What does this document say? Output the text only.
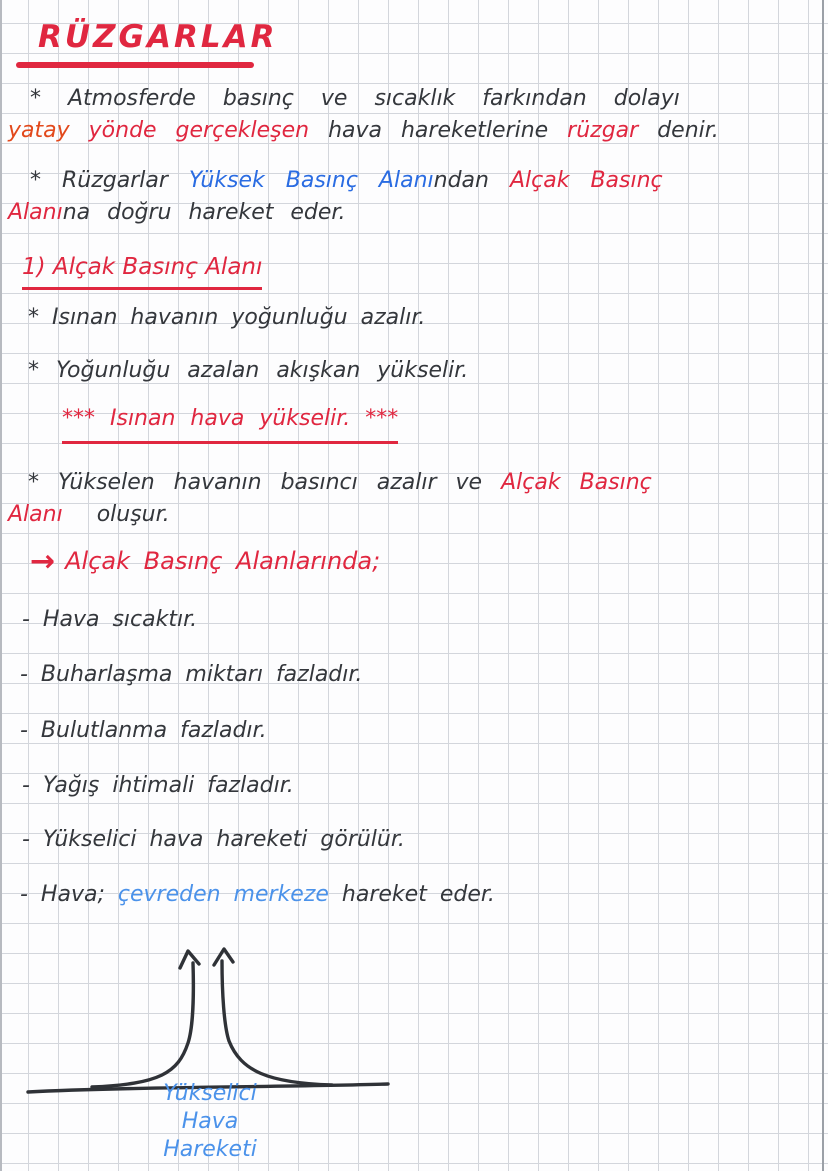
RÜZGARLAR
* Atmosferde basınç ve sıcaklık farkından dolayı
yatay yönde gerçekleşen hava hareketlerine rüzgar denir.
* Rüzgarlar Yüksek Basınç Alanından Alçak Basınç
Alanına doğru hareket eder.
1) Alçak Basınç Alanı
* Isınan havanın yoğunluğu azalır.
* Yoğunluğu azalan akışkan yükselir.
*** Isınan hava yükselir. ***
* Yükselen havanın basıncı azalır ve Alçak Basınç
Alanı oluşur.
→ Alçak Basınç Alanlarında;
- Hava sıcaktır.
- Buharlaşma miktarı fazladır.
- Bulutlanma fazladır.
- Yağış ihtimali fazladır.
- Yükselici hava hareketi görülür.
- Hava; çevreden merkeze hareket eder.
Yükselici
Hava
Hareketi
